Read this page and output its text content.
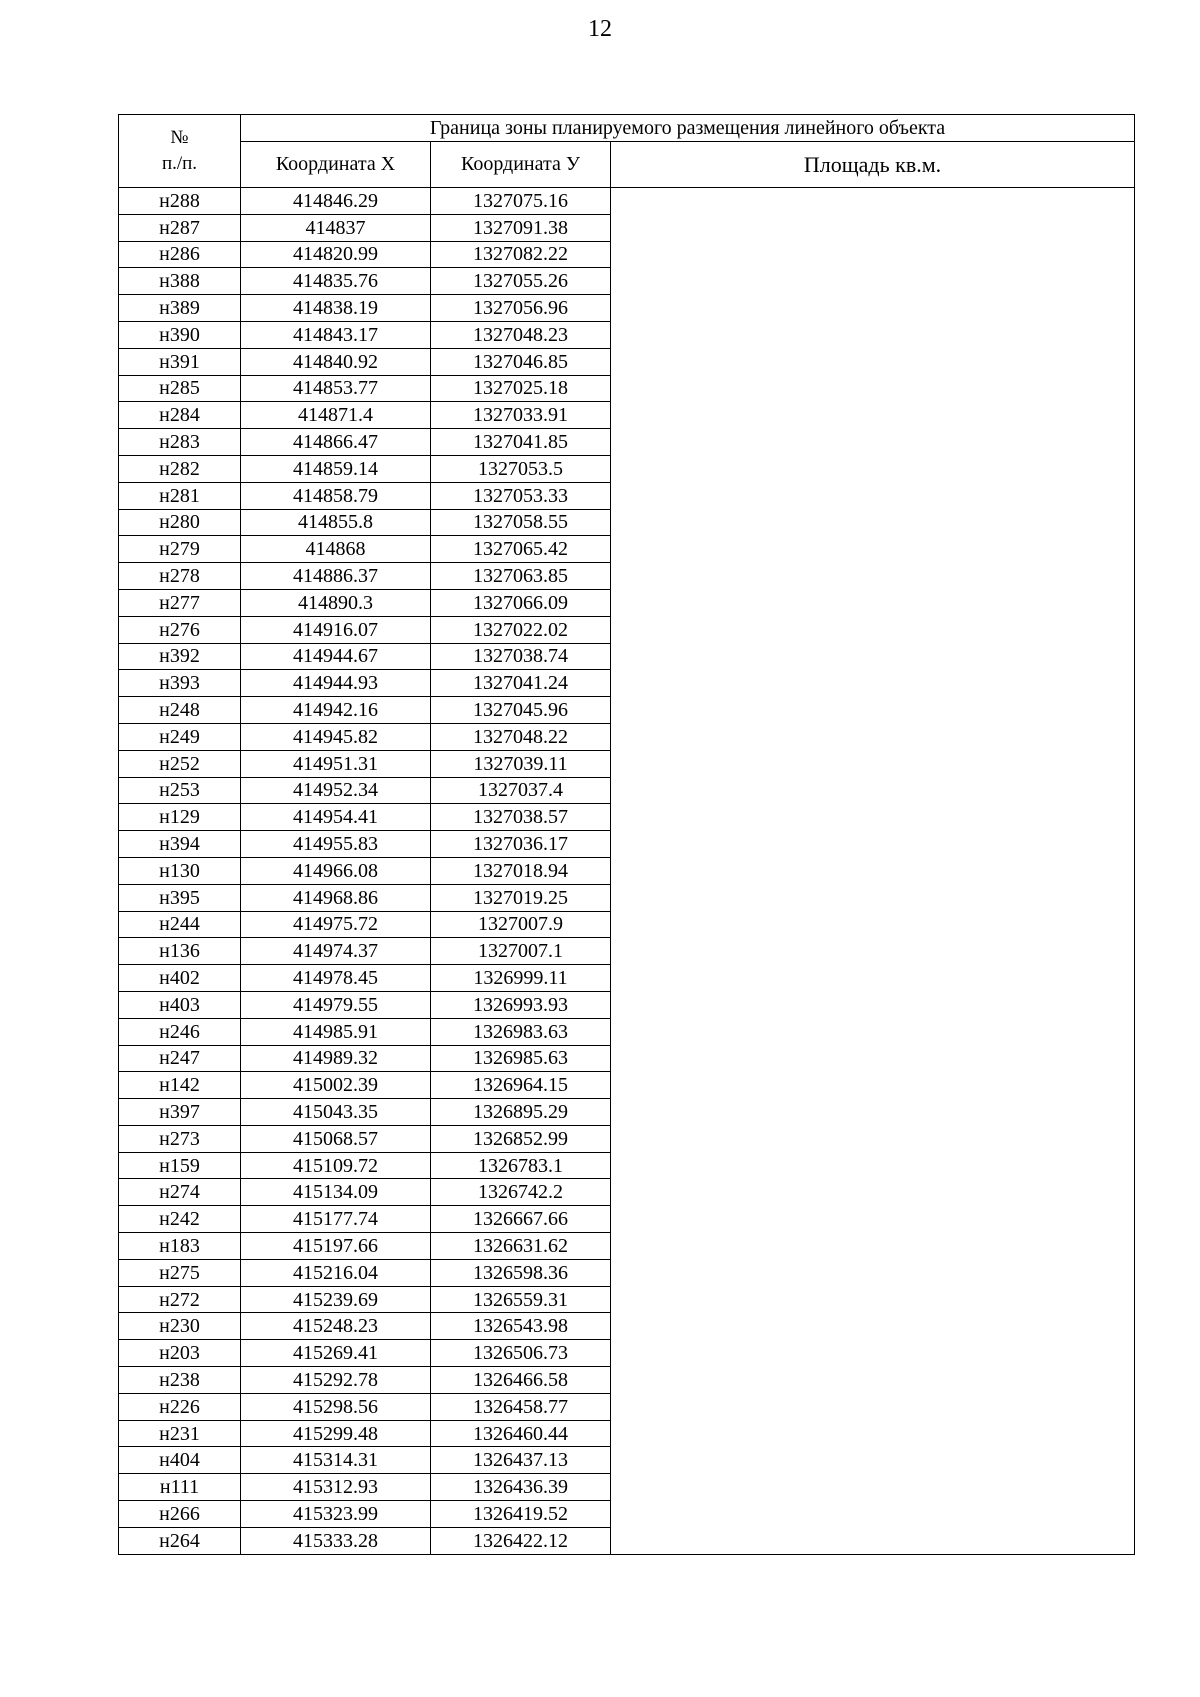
12
№
п./п.	Граница зоны планируемого размещения линейного объекта		
	Координата X	Координата У	Площадь кв.м.
н288	414846.29	1327075.16	
н287	414837	1327091.38	
н286	414820.99	1327082.22	
н388	414835.76	1327055.26	
н389	414838.19	1327056.96	
н390	414843.17	1327048.23	
н391	414840.92	1327046.85	
н285	414853.77	1327025.18	
н284	414871.4	1327033.91	
н283	414866.47	1327041.85	
н282	414859.14	1327053.5	
н281	414858.79	1327053.33	
н280	414855.8	1327058.55	
н279	414868	1327065.42	
н278	414886.37	1327063.85	
н277	414890.3	1327066.09	
н276	414916.07	1327022.02	
н392	414944.67	1327038.74	
н393	414944.93	1327041.24	
н248	414942.16	1327045.96	
н249	414945.82	1327048.22	
н252	414951.31	1327039.11	
н253	414952.34	1327037.4	
н129	414954.41	1327038.57	
н394	414955.83	1327036.17	
н130	414966.08	1327018.94	
н395	414968.86	1327019.25	
н244	414975.72	1327007.9	
н136	414974.37	1327007.1	
н402	414978.45	1326999.11	
н403	414979.55	1326993.93	
н246	414985.91	1326983.63	
н247	414989.32	1326985.63	
н142	415002.39	1326964.15	
н397	415043.35	1326895.29	
н273	415068.57	1326852.99	
н159	415109.72	1326783.1	
н274	415134.09	1326742.2	
н242	415177.74	1326667.66	
н183	415197.66	1326631.62	
н275	415216.04	1326598.36	
н272	415239.69	1326559.31	
н230	415248.23	1326543.98	
н203	415269.41	1326506.73	
н238	415292.78	1326466.58	
н226	415298.56	1326458.77	
н231	415299.48	1326460.44	
н404	415314.31	1326437.13	
н111	415312.93	1326436.39	
н266	415323.99	1326419.52	
н264	415333.28	1326422.12	
